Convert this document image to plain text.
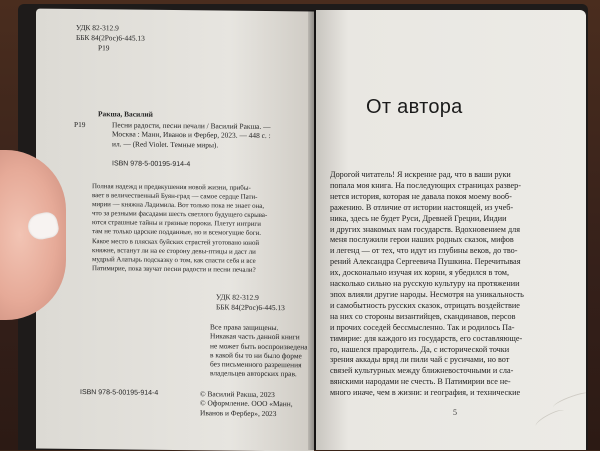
УДК 82-312.9
ББК 84(2Рос)6-445.13
Р19
Ракша, Василий
Р19	Песни радости, песни печали / Василий Ракша. —
Москва : Манн, Иванов и Фербер, 2023. — 448 с. :
ил. — (Red Violet. Темные миры).
ISBN 978-5-00195-914-4
Полная надежд и предвкушения новой жизни, прибы-
вает в величественный Буян-град — самое сердце Пати-
мирии — княжна Ладимила. Вот только пока не знает она,
что за резными фасадами шесть светлого будущего скрыва-
ются страшные тайны и грязные пороки. Плетут интриги
там не только царские подданные, но и всемогущие боги.
Какое место в плясках буйских страстей уготовано юной
княжне, встанут ли на ее сторону девы-птицы и даст ли
мудрый Алатырь подсказку о том, как спасти себя и все
Патимирие, пока звучат песни радости и песни печали?
УДК 82-312.9
ББК 84(2Рос)6-445.13
Все права защищены.
Никакая часть данной книги
не может быть воспроизведена
в какой бы то ни было форме
без письменного разрешения
владельцев авторских прав.
ISBN 978-5-00195-914-4	© Василий Ракша, 2023
© Оформление. ООО «Манн,
Иванов и Фербер», 2023
От автора
Дорогой читатель! Я искренне рад, что в ваши руки
попала моя книга. На последующих страницах развер-
нется история, которая не давала покоя моему вооб-
ражению. В отличие от истории настоящей, из учеб-
ника, здесь не будет Руси, Древней Греции, Индии
и других знакомых нам государств. Вдохновением для
меня послужили герои наших родных сказок, мифов
и легенд — от тех, что идут из глубины веков, до тво-
рений Александра Сергеевича Пушкина. Перечитывая
их, досконально изучая их корни, я убедился в том,
насколько сильно на русскую культуру на протяжении
эпох влияли другие народы. Несмотря на уникальность
и самобытность русских сказок, отрицать воздействие
на них со стороны византийцев, скандинавов, персов
и прочих соседей бессмысленно. Так и родилось Па-
тимирие: для каждого из государств, его составляюще-
го, нашелся прародитель. Да, с исторической точки
зрения аккады вряд ли пили чай с русичами, но вот
связей культурных между ближневосточными и сла-
вянскими народами не счесть. В Патимирии все не-
много иначе, чем в жизни: и география, и технические
5
